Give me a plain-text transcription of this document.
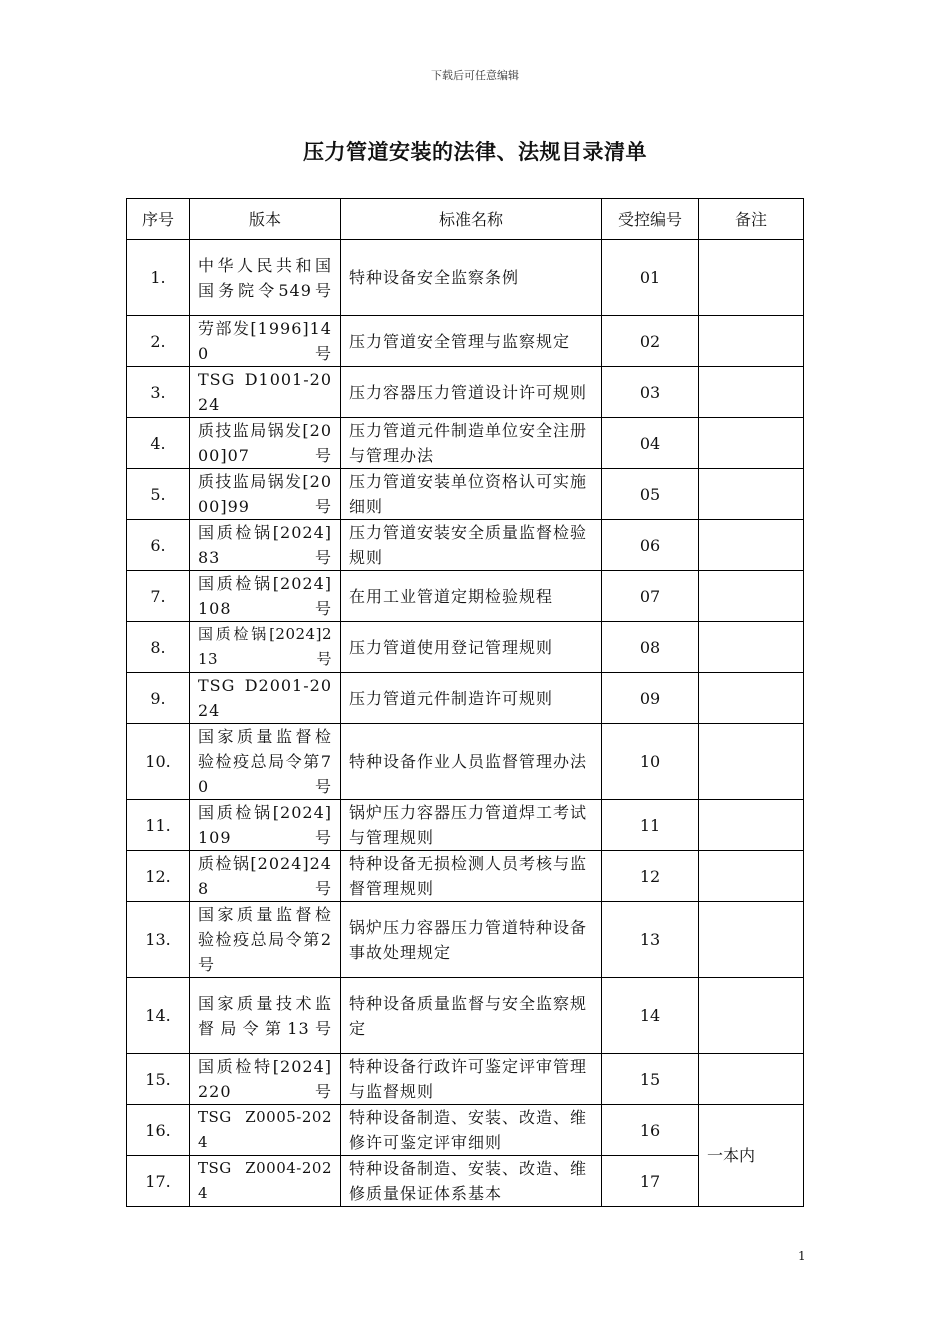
下载后可任意编辑
压力管道安装的法律、法规目录清单
序号	版本	标准名称	受控编号	备注
1.	中华人民共和国国务院令549号	特种设备安全监察条例	01	
2.	劳部发[1996]140号	压力管道安全管理与监察规定	02	
3.	TSG D1001-2024	压力容器压力管道设计许可规则	03	
4.	质技监局锅发[2000]07号	压力管道元件制造单位安全注册与管理办法	04	
5.	质技监局锅发[2000]99号	压力管道安装单位资格认可实施细则	05	
6.	国质检锅[2024]83号	压力管道安装安全质量监督检验规则	06	
7.	国质检锅[2024]108号	在用工业管道定期检验规程	07	
8.	国质检锅[2024]213号	压力管道使用登记管理规则	08	
9.	TSG D2001-2024	压力管道元件制造许可规则	09	
10.	国家质量监督检验检疫总局令第70号	特种设备作业人员监督管理办法	10	
11.	国质检锅[2024]109号	锅炉压力容器压力管道焊工考试与管理规则	11	
12.	质检锅[2024]248号	特种设备无损检测人员考核与监督管理规则	12	
13.	国家质量监督检验检疫总局令第2号	锅炉压力容器压力管道特种设备事故处理规定	13	
14.	国家质量技术监督局令第13号	特种设备质量监督与安全监察规定	14	
15.	国质检特[2024]220号	特种设备行政许可鉴定评审管理与监督规则	15	
16.	TSG Z0005-2024	特种设备制造、安装、改造、维修许可鉴定评审细则	16	一本内
17.	TSG Z0004-2024	特种设备制造、安装、改造、维修质量保证体系基本	17	
1
